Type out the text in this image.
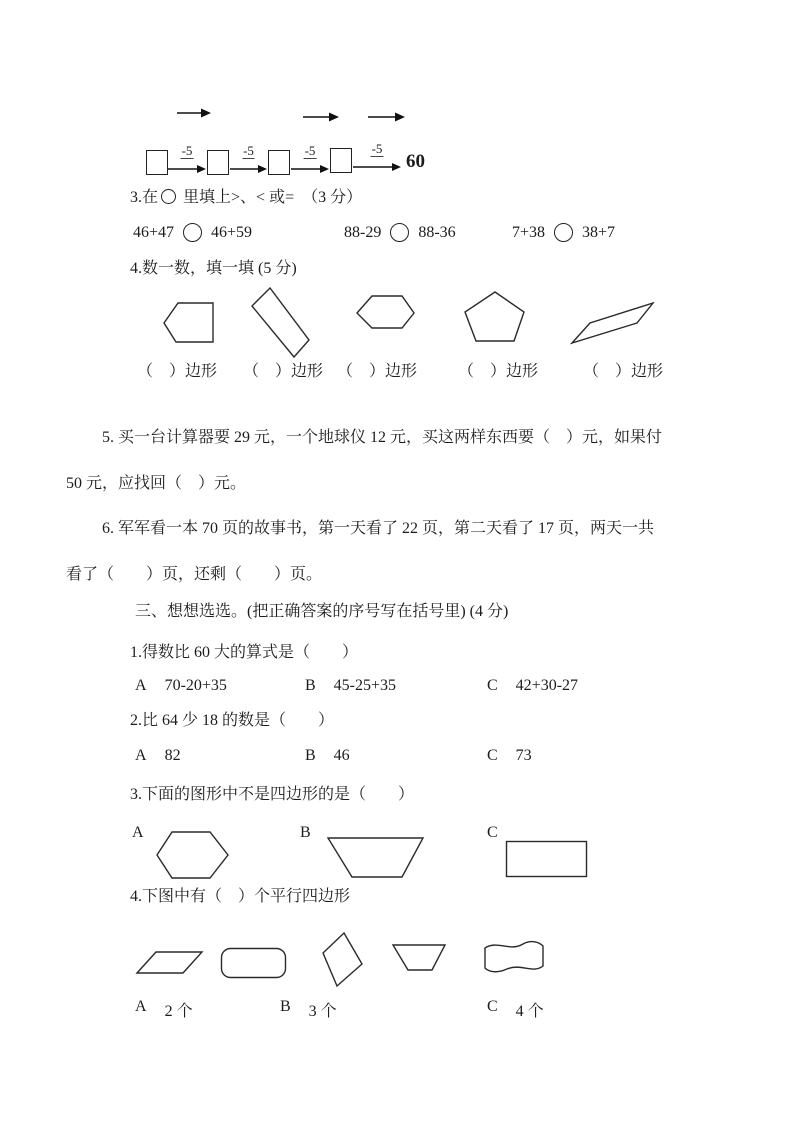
-5	-5	-5	-5
60
3.在 里填上>、< 或=　（3 分）
46+47 46+59	88-29 88-36	7+38 38+7
4.数一数，填一填 (5 分)
（　）边形 （　）边形 （　）边形	（　）边形	（　）边形
5. 买一台计算器要 29 元，一个地球仪 12 元，买这两样东西要（　）元，如果付
50 元，应找回（　）元。
6. 军军看一本 70 页的故事书，第一天看了 22 页，第二天看了 17 页，两天一共
看了（　　）页，还剩（　　）页。
三、想想选选。(把正确答案的序号写在括号里) (4 分)
1.得数比 60 大的算式是（　　）
A 70-20+35	B 45-25+35	C 42+30-27
2.比 64 少 18 的数是（　　）
A 82	B 46	C 73
3.下面的图形中不是四边形的是（　　）
A	B	C
4.下图中有（　）个平行四边形
A 2 个	B 3 个	C 4 个
